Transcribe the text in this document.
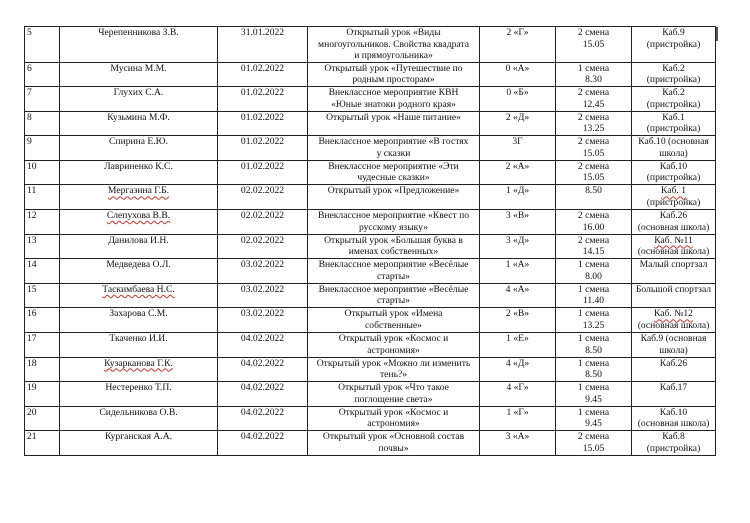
5	Черепенникова З.В.	31.01.2022	Открытый урок «Виды
многоугольников. Свойства квадрата
и прямоугольника»	2 «Г»	2 смена
15.05	Каб.9
(пристройка)

6	Мусина М.М.	01.02.2022	Открытый урок «Путешествие по
родным просторам»	0 «А»	1 смена
8.30	Каб.2
(пристройка)

7	Глухих С.А.	01.02.2022	Внеклассное мероприятие КВН
«Юные знатоки родного края»	0 «Б»	2 смена
12.45	Каб.2
(пристройка)

8	Кузьмина М.Ф.	01.02.2022	Открытый урок «Наше питание»	2 «Д»	2 смена
13.25	Каб.1
(пристройка)

9	Спирина Е.Ю.	01.02.2022	Внеклассное мероприятие «В гостях
у сказки	3Г	2 смена
15.05	Каб.10 (основная
школа)

10	Лавриненко К.С.	01.02.2022	Внеклассное мероприятие «Эти
чудесные сказки»	2 «А»	2 смена
15.05	Каб.10
(пристройка)

11	Мергазина Г.Б.	02.02.2022	Открытый урок «Предложение»	1 «Д»	8.50	Каб. 1
(пристройка)

12	Слепухова В.В.	02.02.2022	Внеклассное мероприятие «Квест по
русскому языку»	3 «В»	2 смена
16.00	Каб.26
(основная школа)

13	Данилова И.Н.	02.02.2022	Открытый урок «Большая буква в
именах собственных»	3 «Д»	2 смена
14.15	Каб. №11
(основная школа)

14	Медведева О.Л.	03.02.2022	Внеклассное мероприятие «Весёлые
старты»	1 «А»	1 смена
8.00	Малый спортзал

15	Таскимбаева Н.С.	03.02.2022	Внеклассное мероприятие «Весёлые
старты»	4 «А»	1 смена
11.40	Большой спортзал

16	Захарова С.М.	03.02.2022	Открытый урок «Имена
собственные»	2 «В»	1 смена
13.25	Каб. №12
(основная школа)

17	Ткаченко И.И.	04.02.2022	Открытый урок «Космос и
астрономия»	1 «Е»	1 смена
8.50	Каб.9 (основная
школа)

18	Кузарканова Г.К.	04.02.2022	Открытый урок «Можно ли изменить
тень?»	4 «Д»	1 смена
8.50	Каб.26

19	Нестеренко Т.П.	04.02.2022	Открытый урок «Что такое
поглощение света»	4 «Г»	1 смена
9.45	Каб.17

20	Сидельникова О.В.	04.02.2022	Открытый урок «Космос и
астрономия»	1 «Г»	1 смена
9.45	Каб.10
(основная школа)

21	Курганская А.А.	04.02.2022	Открытый урок «Основной состав
почвы»	3 «А»	2 смена
15.05	Каб.8
(пристройка)
